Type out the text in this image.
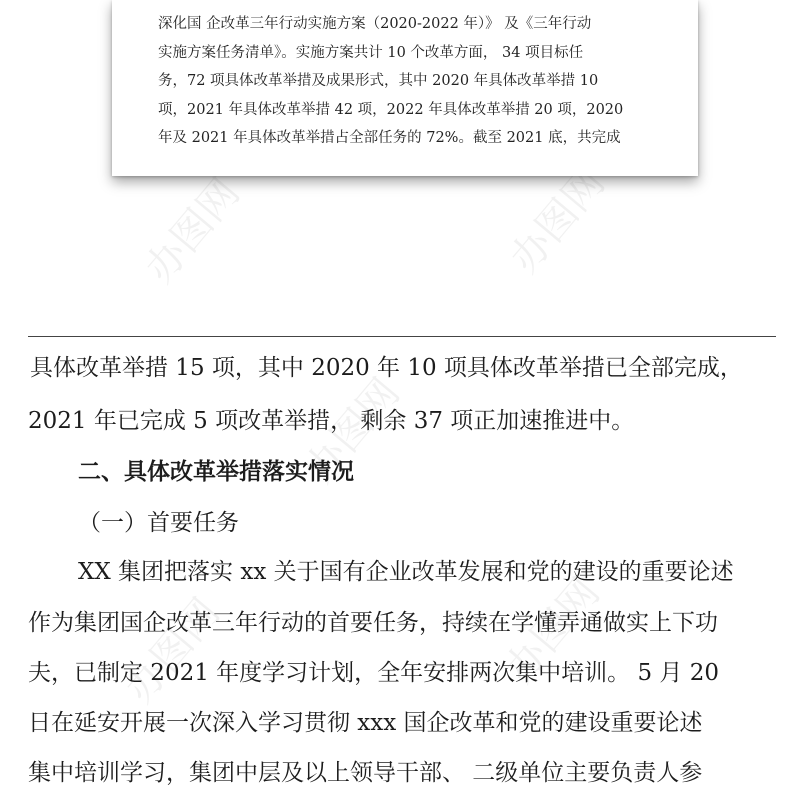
办图网	办图网
办图网
办图网	办图网
深化国 企改革三年行动实施方案（2020-2022 年）》 及《三年行动
实施方案任务清单》。实施方案共计 10 个改革方面， 34 项目标任
务，72 项具体改革举措及成果形式，其中 2020 年具体改革举措 10
项，2021 年具体改革举措 42 项，2022 年具体改革举措 20 项，2020
年及 2021 年具体改革举措占全部任务的 72%。截至 2021 底，共完成
具体改革举措 15 项，其中 2020 年 10 项具体改革举措已全部完成，
2021 年已完成 5 项改革举措， 剩余 37 项正加速推进中。
二、具体改革举措落实情况
（一）首要任务
XX 集团把落实 xx 关于国有企业改革发展和党的建设的重要论述
作为集团国企改革三年行动的首要任务，持续在学懂弄通做实上下功
夫，已制定 2021 年度学习计划，全年安排两次集中培训。 5 月 20
日在延安开展一次深入学习贯彻 xxx 国企改革和党的建设重要论述
集中培训学习，集团中层及以上领导干部、 二级单位主要负责人参
